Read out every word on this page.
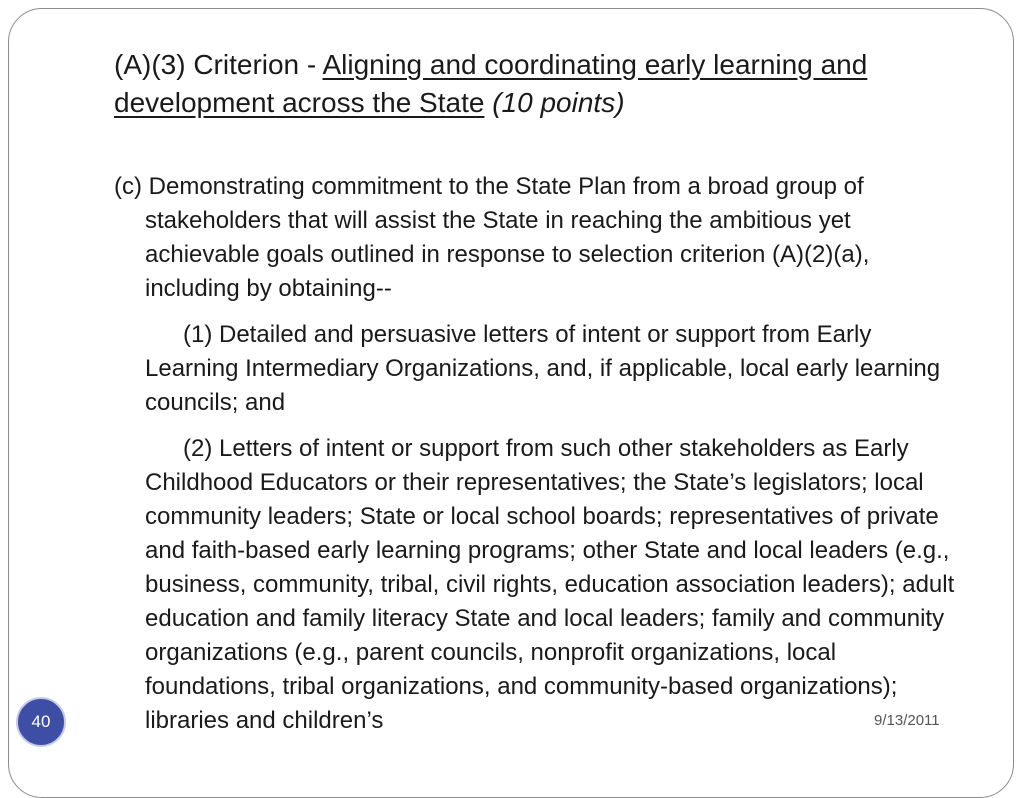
(A)(3) Criterion - Aligning and coordinating early learning and development across the State (10 points)

(c) Demonstrating commitment to the State Plan from a broad group of stakeholders that will assist the State in reaching the ambitious yet achievable goals outlined in response to selection criterion (A)(2)(a), including by obtaining--

(1) Detailed and persuasive letters of intent or support from Early Learning Intermediary Organizations, and, if applicable, local early learning councils; and

(2) Letters of intent or support from such other stakeholders as Early Childhood Educators or their representatives; the State’s legislators; local community leaders; State or local school boards; representatives of private and faith-based early learning programs; other State and local leaders (e.g., business, community, tribal, civil rights, education association leaders); adult education and family literacy State and local leaders; family and community organizations (e.g., parent councils, nonprofit organizations, local foundations, tribal organizations, and community-based organizations); libraries and children’s

40	9/13/2011
